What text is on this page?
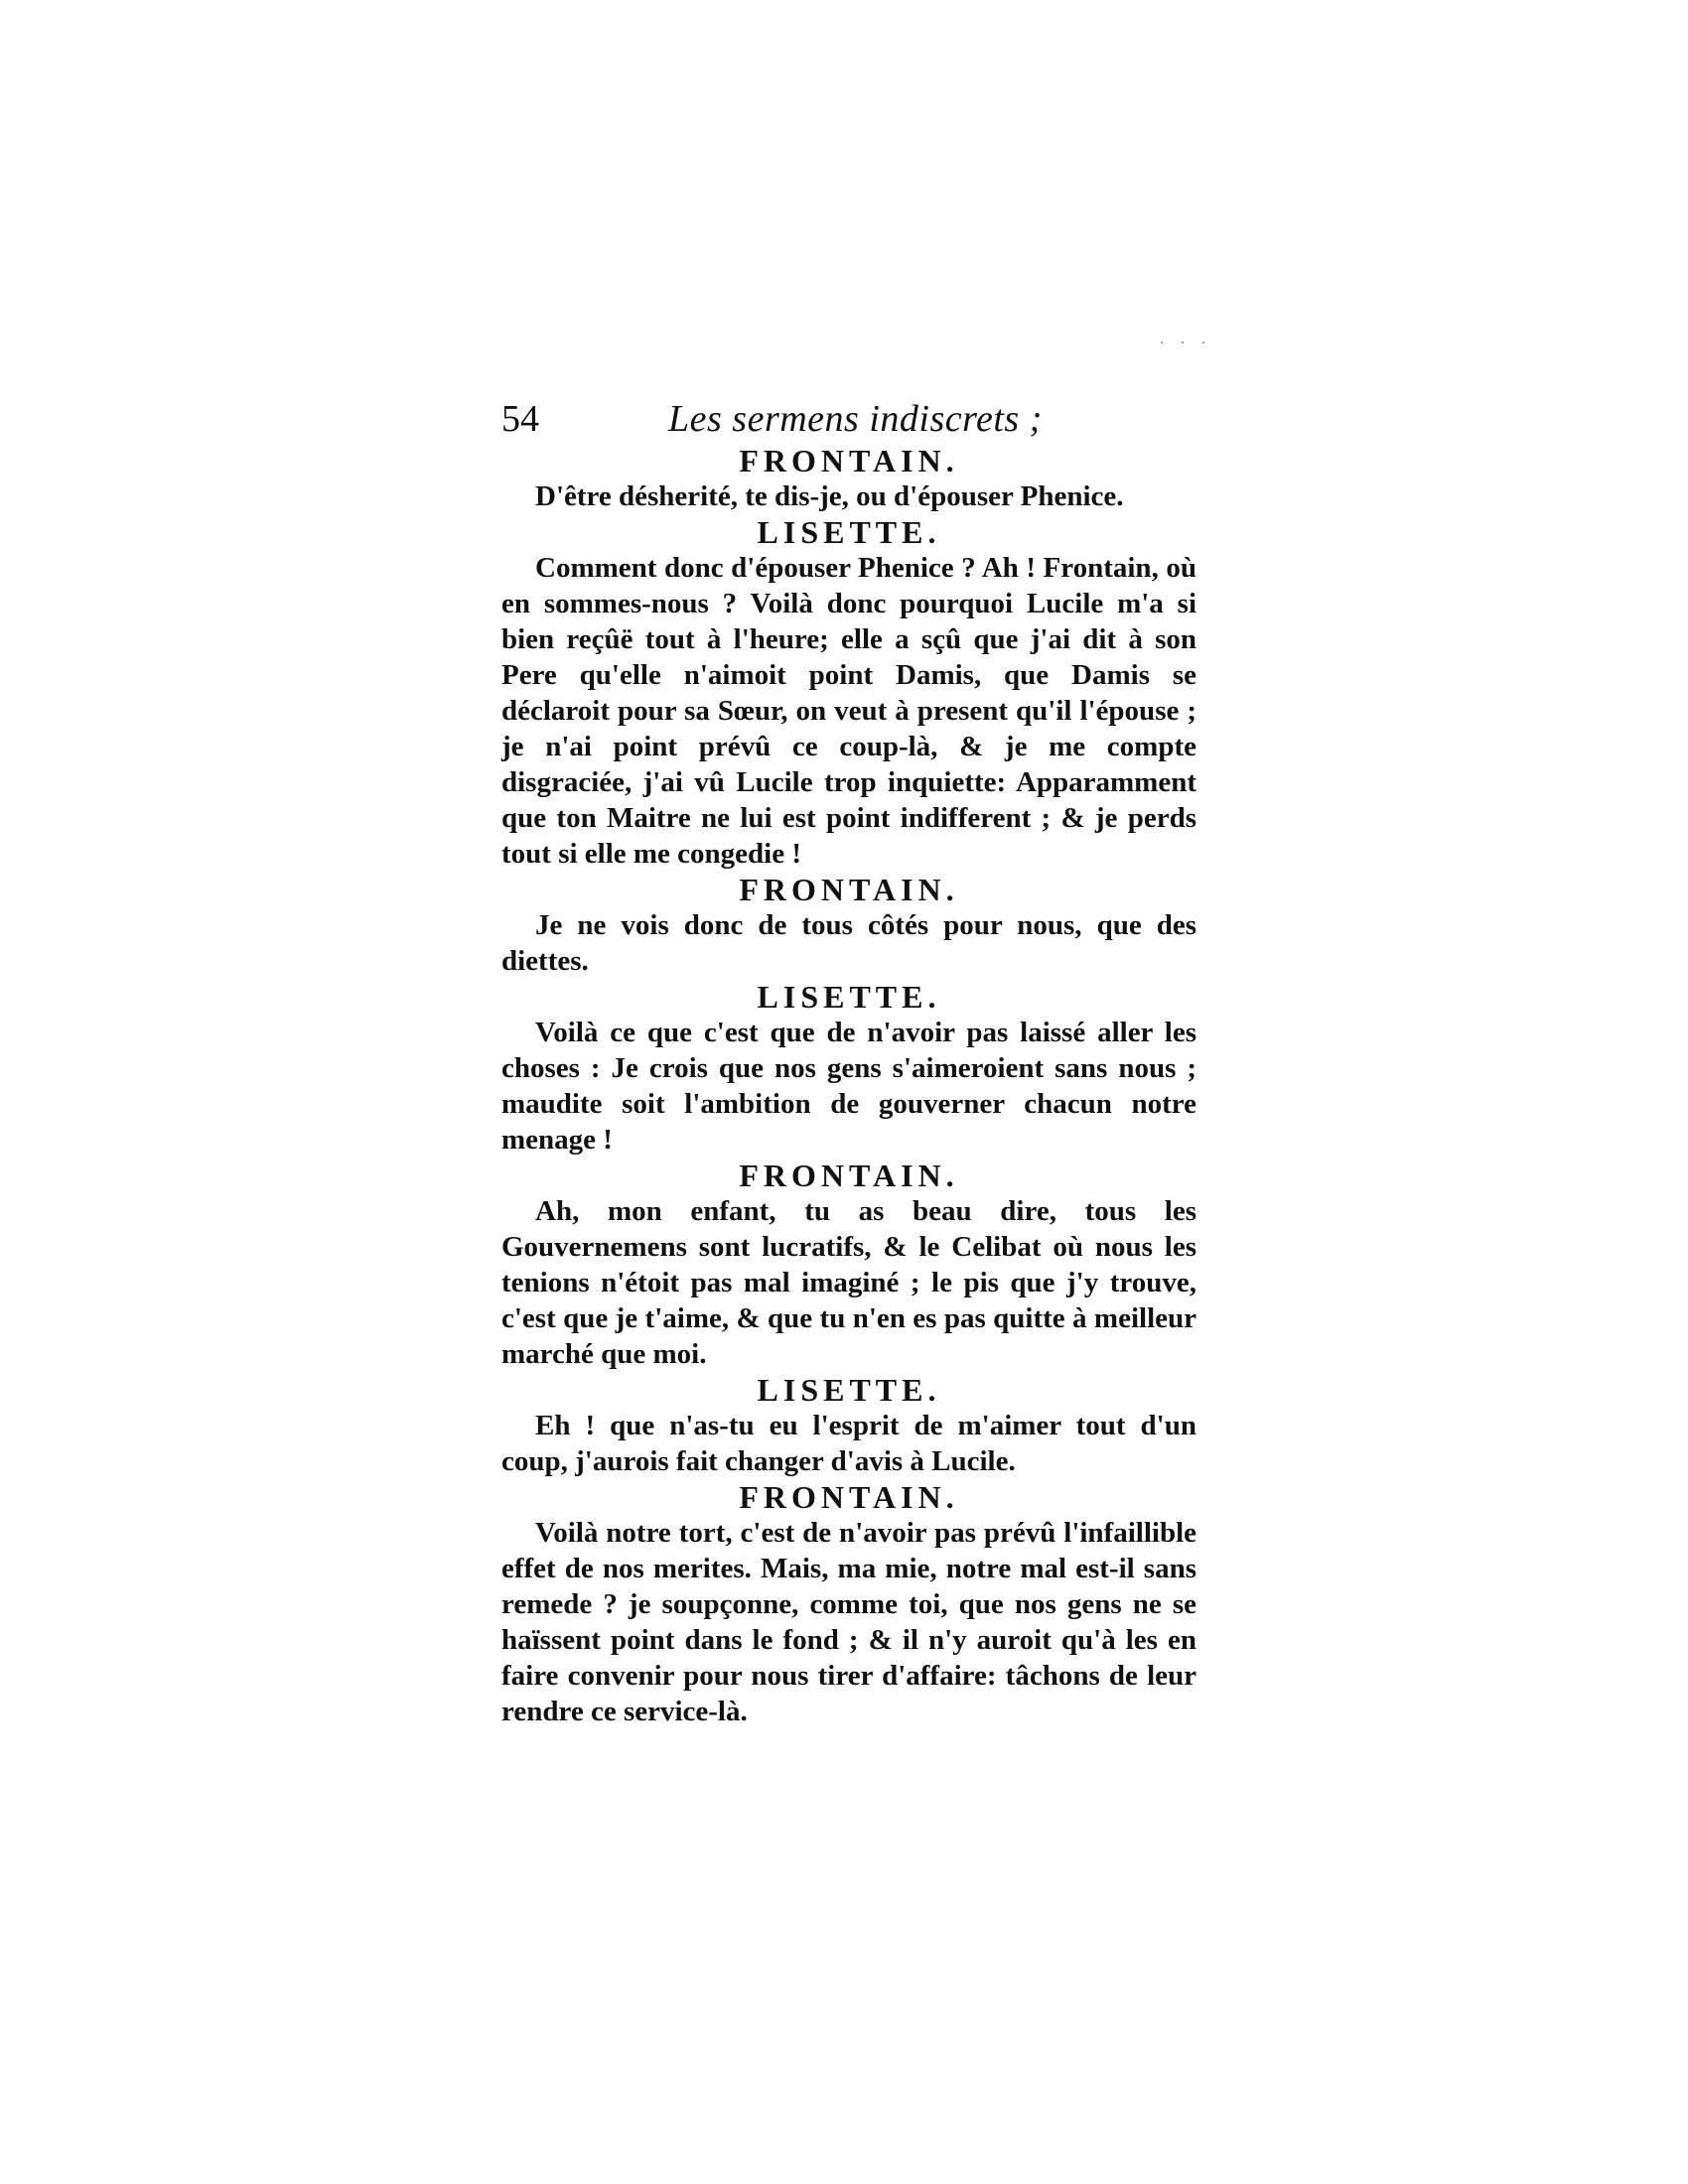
· · ·
54	Les sermens indiscrets ;

FRONTAIN.

D'être désherité, te dis-je, ou d'épouser Phenice.

LISETTE.

Comment donc d'épouser Phenice ? Ah ! Frontain, où en sommes-nous ? Voilà donc pourquoi Lucile m'a si bien reçûë tout à l'heure; elle a sçû que j'ai dit à son Pere qu'elle n'aimoit point Damis, que Damis se déclaroit pour sa Sœur, on veut à present qu'il l'épouse ; je n'ai point prévû ce coup-là, & je me compte disgraciée, j'ai vû Lucile trop inquiette: Apparamment que ton Maitre ne lui est point indifferent ; & je perds tout si elle me congedie !

FRONTAIN.

Je ne vois donc de tous côtés pour nous, que des diettes.

LISETTE.

Voilà ce que c'est que de n'avoir pas laissé aller les choses : Je crois que nos gens s'aimeroient sans nous ; maudite soit l'ambition de gouverner chacun notre menage !

FRONTAIN.

Ah, mon enfant, tu as beau dire, tous les Gouvernemens sont lucratifs, & le Celibat où nous les tenions n'étoit pas mal imaginé ; le pis que j'y trouve, c'est que je t'aime, & que tu n'en es pas quitte à meilleur marché que moi.

LISETTE.

Eh ! que n'as-tu eu l'esprit de m'aimer tout d'un coup, j'aurois fait changer d'avis à Lucile.

FRONTAIN.

Voilà notre tort, c'est de n'avoir pas prévû l'infaillible effet de nos merites. Mais, ma mie, notre mal est-il sans remede ? je soupçonne, comme toi, que nos gens ne se haïssent point dans le fond ; & il n'y auroit qu'à les en faire convenir pour nous tirer d'affaire: tâchons de leur rendre ce service-là.
